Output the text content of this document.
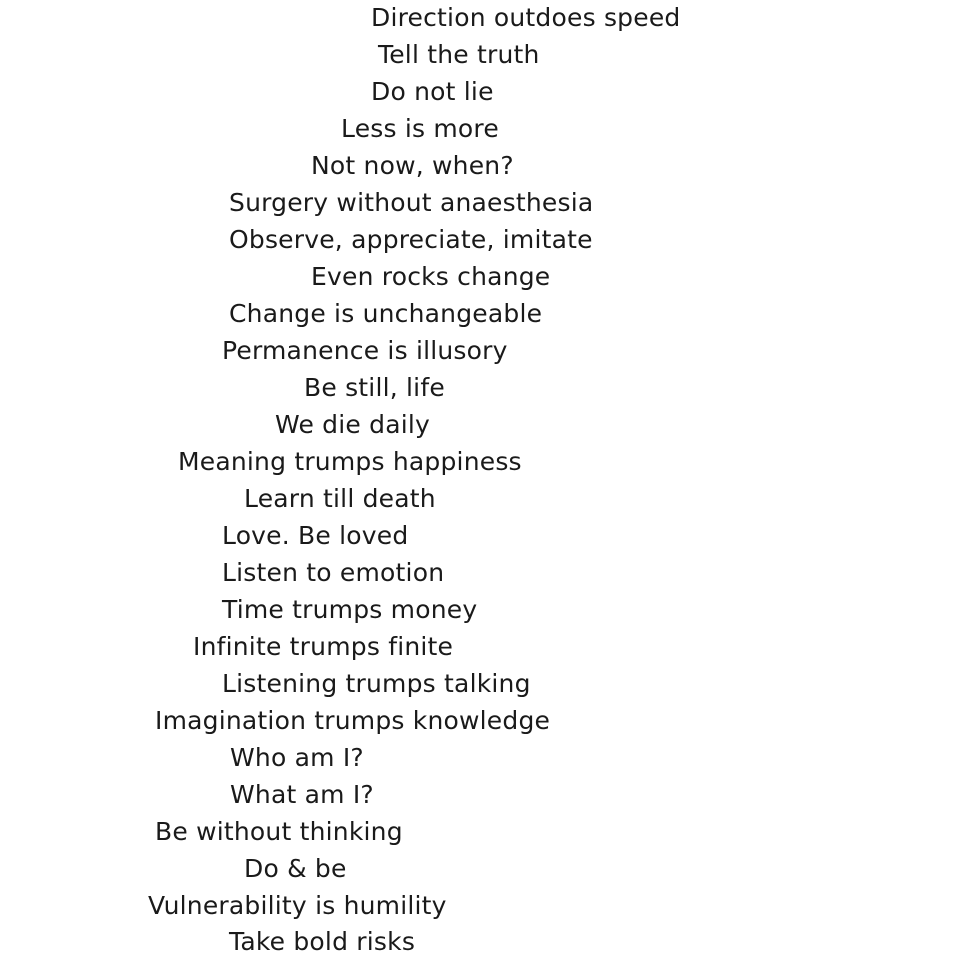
Direction outdoes speed

Tell the truth

Do not lie

Less is more

Not now, when?

Surgery without anaesthesia

Observe, appreciate, imitate

Even rocks change

Change is unchangeable

Permanence is illusory

Be still, life

We die daily

Meaning trumps happiness

Learn till death

Love. Be loved

Listen to emotion

Time trumps money

Infinite trumps finite

Listening trumps talking

Imagination trumps knowledge

Who am I?

What am I?

Be without thinking

Do & be

Vulnerability is humility

Take bold risks
